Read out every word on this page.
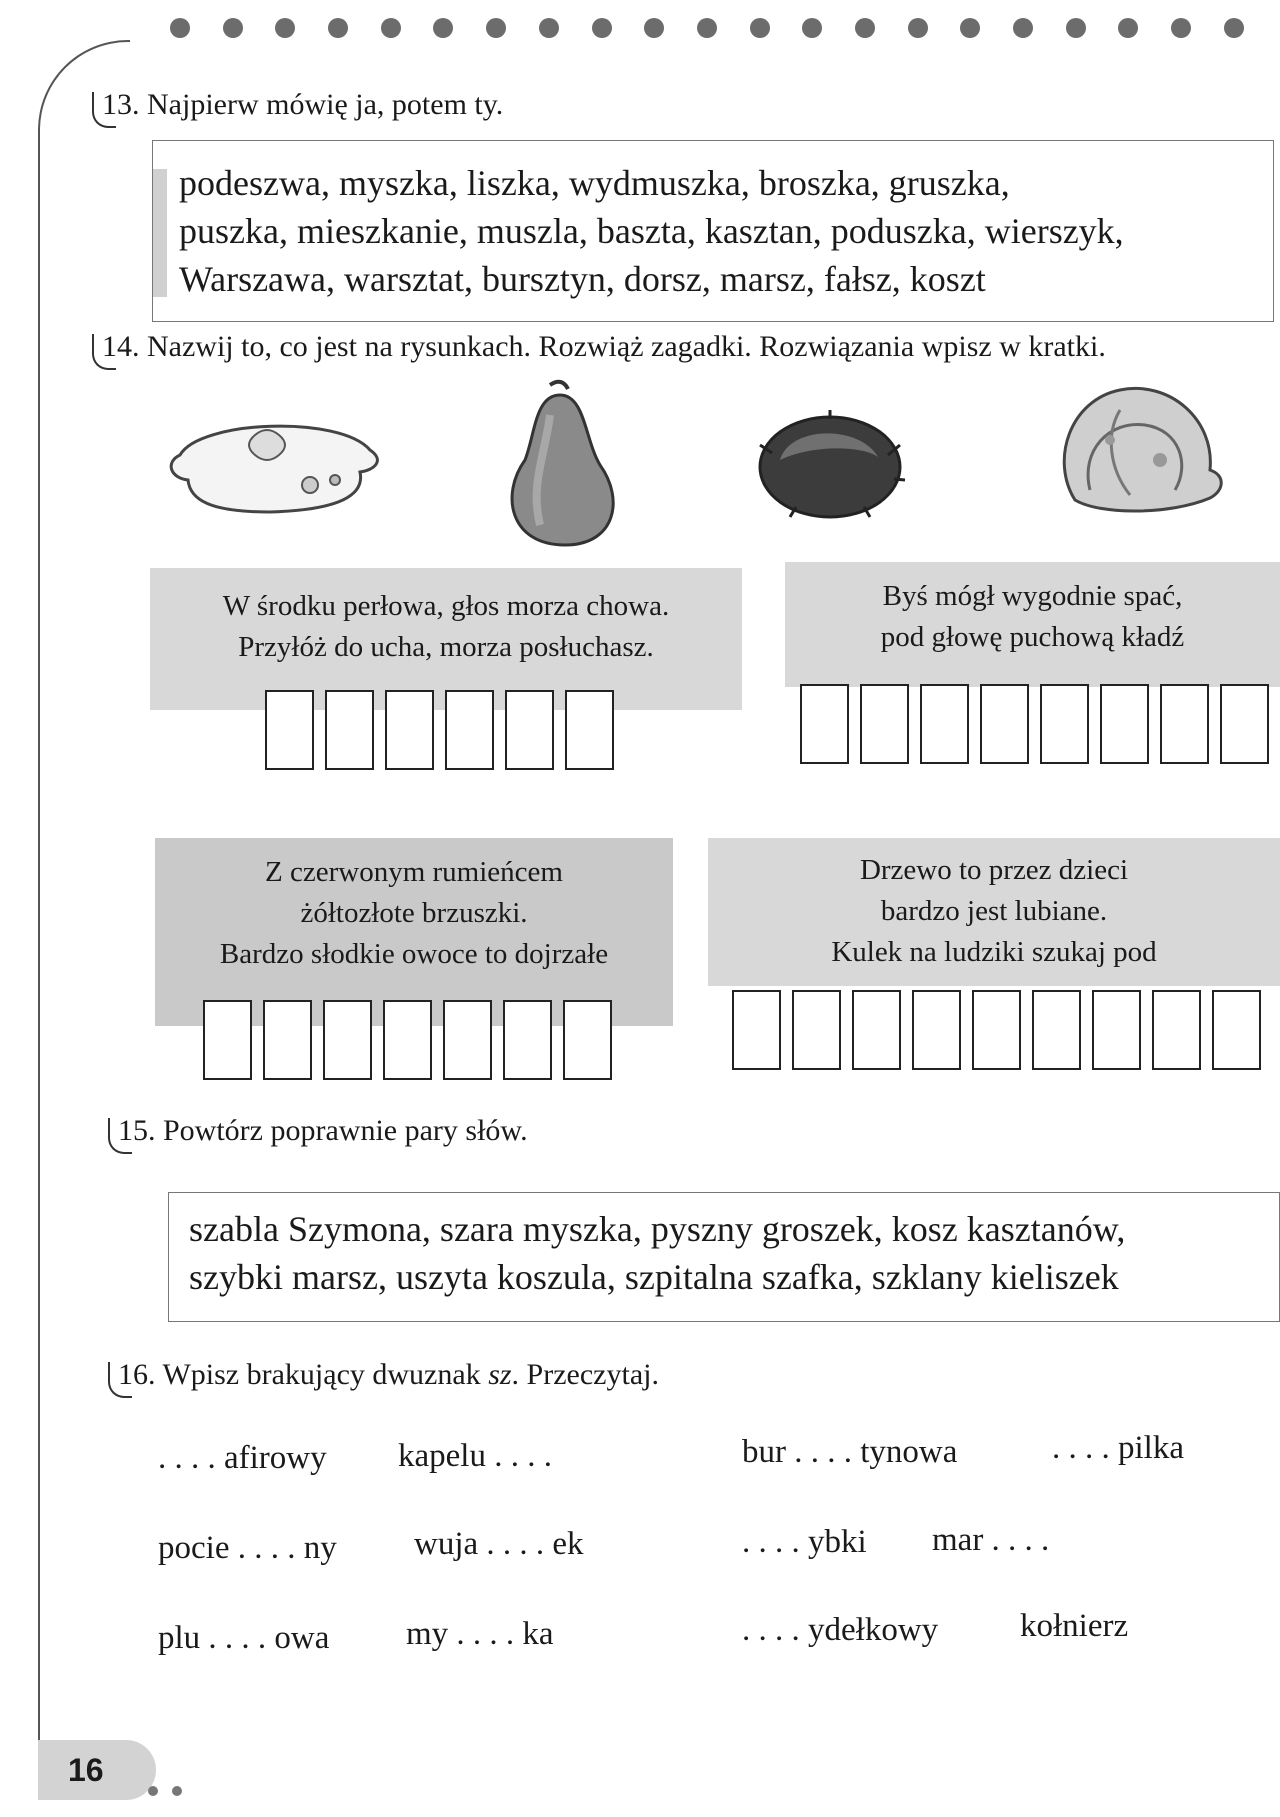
13. Najpierw mówię ja, potem ty.
podeszwa, myszka, liszka, wydmuszka, broszka, gruszka,
puszka, mieszkanie, muszla, baszta, kasztan, poduszka, wierszyk,
Warszawa, warsztat, bursztyn, dorsz, marsz, fałsz, koszt
14. Nazwij to, co jest na rysunkach. Rozwiąż zagadki. Rozwiązania wpisz w kratki.
W środku perłowa, głos morza chowa.
Przyłóż do ucha, morza posłuchasz.
Byś mógł wygodnie spać,
pod głowę puchową kładź
Z czerwonym rumieńcem
żółtozłote brzuszki.
Bardzo słodkie owoce to dojrzałe
Drzewo to przez dzieci
bardzo jest lubiane.
Kulek na ludziki szukaj pod
15. Powtórz poprawnie pary słów.
szabla Szymona, szara myszka, pyszny groszek, kosz kasztanów,
szybki marsz, uszyta koszula, szpitalna szafka, szklany kieliszek
16. Wpisz brakujący dwuznak sz. Przeczytaj.
. . . . afirowy kapelu . . . .	bur . . . . tynowa	. . . . pilka
pocie . . . . ny wuja . . . . ek	. . . . ybki mar . . . .
plu . . . . owa my . . . . ka	. . . . ydełkowy kołnierz
16
